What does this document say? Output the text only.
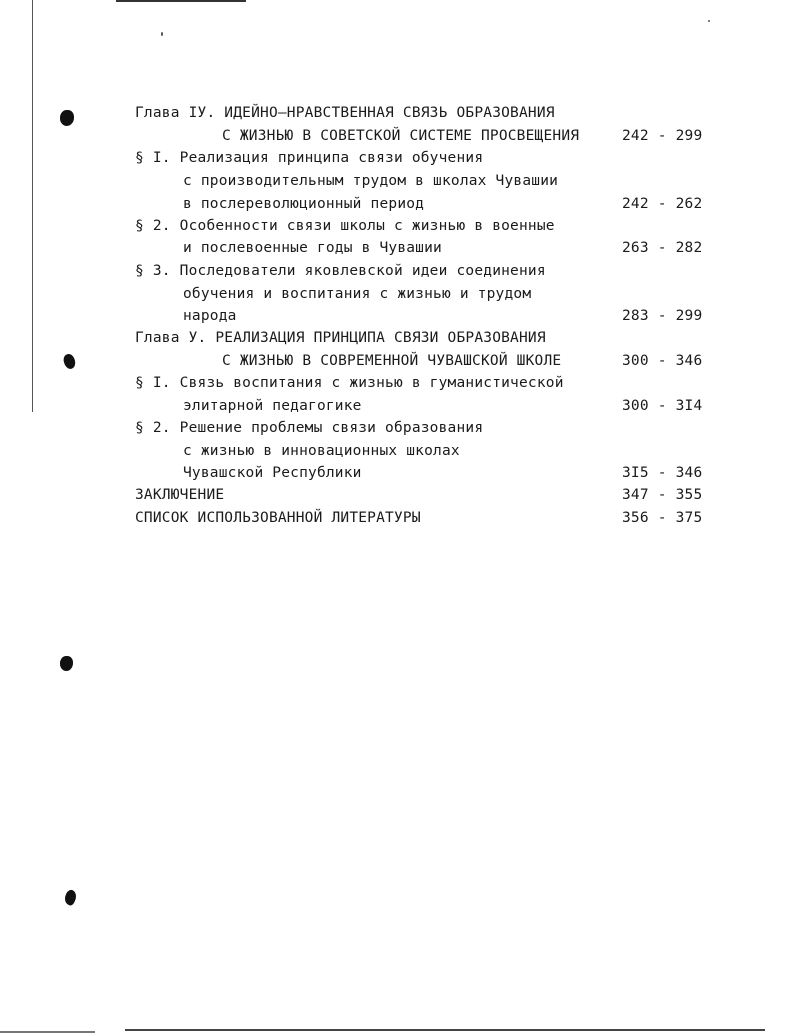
Глава IУ. ИДЕЙНО–НРАВСТВЕННАЯ СВЯЗЬ ОБРАЗОВАНИЯ
С ЖИЗНЬЮ В СОВЕТСКОЙ СИСТЕМЕ ПРОСВЕЩЕНИЯ	242 - 299
§ I. Реализация принципа связи обучения
с производительным трудом в школах Чувашии
в послереволюционный период	242 - 262
§ 2. Особенности связи школы с жизнью в военные
и послевоенные годы в Чувашии	263 - 282
§ 3. Последователи яковлевской идеи соединения
обучения и воспитания с жизнью и трудом
народа	283 - 299
Глава У. РЕАЛИЗАЦИЯ ПРИНЦИПА СВЯЗИ ОБРАЗОВАНИЯ
С ЖИЗНЬЮ В СОВРЕМЕННОЙ ЧУВАШСКОЙ ШКОЛЕ	300 - 346
§ I. Связь воспитания с жизнью в гуманистической
элитарной педагогике	300 - 3I4
§ 2. Решение проблемы связи образования
с жизнью в инновационных школах
Чувашской Республики	3I5 - 346
ЗАКЛЮЧЕНИЕ	347 - 355
СПИСОК ИСПОЛЬЗОВАННОЙ ЛИТЕРАТУРЫ	356 - 375
